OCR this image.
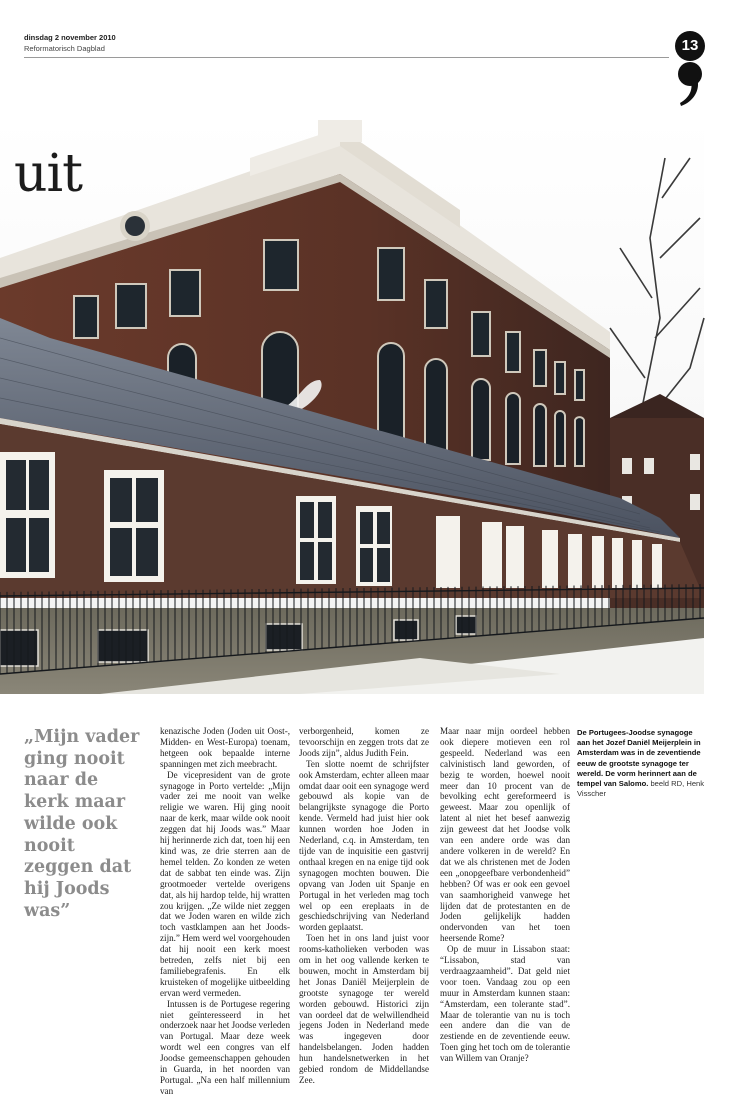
dinsdag 2 november 2010
Reformatorisch Dagblad	13
uit
„Mijn vader ging nooit naar de kerk maar wilde ook nooit zeggen dat hij Joods was”

kenazische Joden (Joden uit Oost-, Midden- en West-Europa) toenam, hetgeen ook bepaalde interne spanningen met zich meebracht.

De vicepresident van de grote synagoge in Porto vertelde: „Mijn vader zei me nooit van welke religie we waren. Hij ging nooit naar de kerk, maar wilde ook nooit zeggen dat hij Joods was.” Maar hij herinnerde zich dat, toen hij een kind was, ze drie sterren aan de hemel telden. Zo konden ze weten dat de sabbat ten einde was. Zijn grootmoeder vertelde overigens dat, als hij hardop telde, hij wratten zou krijgen. „Ze wilde niet zeggen dat we Joden waren en wilde zich toch vastklampen aan het Joods-zijn.” Hem werd wel voorgehouden dat hij nooit een kerk moest betreden, zelfs niet bij een familiebegrafenis. En elk kruisteken of mogelijke uitbeelding ervan werd vermeden.

Intussen is de Portugese regering niet geïnteresseerd in het onderzoek naar het Joodse verleden van Portugal. Maar deze week wordt wel een congres van elf Joodse gemeenschappen gehouden in Guarda, in het noorden van Portugal. „Na een half millennium van

verborgenheid, komen ze tevoorschijn en zeggen trots dat ze Joods zijn”, aldus Judith Fein.

Ten slotte noemt de schrijfster ook Amsterdam, echter alleen maar omdat daar ooit een synagoge werd gebouwd als kopie van de belangrijkste synagoge die Porto kende. Vermeld had juist hier ook kunnen worden hoe Joden in Nederland, c.q. in Amsterdam, ten tijde van de inquisitie een gastvrij onthaal kregen en na enige tijd ook synagogen mochten bouwen. Die opvang van Joden uit Spanje en Portugal in het verleden mag toch wel op een ereplaats in de geschiedschrijving van Nederland worden geplaatst.

Toen het in ons land juist voor rooms-katholieken verboden was om in het oog vallende kerken te bouwen, mocht in Amsterdam bij het Jonas Daniël Meijerplein de grootste synagoge ter wereld worden gebouwd. Historici zijn van oordeel dat de welwillendheid jegens Joden in Nederland mede was ingegeven door handelsbelangen. Joden hadden hun handelsnetwerken in het gebied rondom de Middellandse Zee.

Maar naar mijn oordeel hebben ook diepere motieven een rol gespeeld. Nederland was een calvinistisch land geworden, of bezig te worden, hoewel nooit meer dan 10 procent van de bevolking echt gereformeerd is geweest. Maar zou openlijk of latent al niet het besef aanwezig zijn geweest dat het Joodse volk van een andere orde was dan andere volkeren in de wereld? En dat we als christenen met de Joden een „onopgeefbare verbondenheid” hebben? Of was er ook een gevoel van saamhorigheid vanwege het lijden dat de protestanten en de Joden gelijkelijk hadden ondervonden van het toen heersende Rome?

Op de muur in Lissabon staat: “Lissabon, stad van verdraagzaamheid”. Dat geld niet voor toen. Vandaag zou op een muur in Amsterdam kunnen staan: “Amsterdam, een tolerante stad”. Maar de tolerantie van nu is toch een andere dan die van de zestiende en de zeventiende eeuw. Toen ging het toch om de tolerantie van Willem van Oranje?

De Portugees-Joodse synagoge aan het Jozef Daniël Meijerplein in Amsterdam was in de zeventiende eeuw de grootste synagoge ter wereld. De vorm herinnert aan de tempel van Salomo. beeld RD, Henk Visscher
